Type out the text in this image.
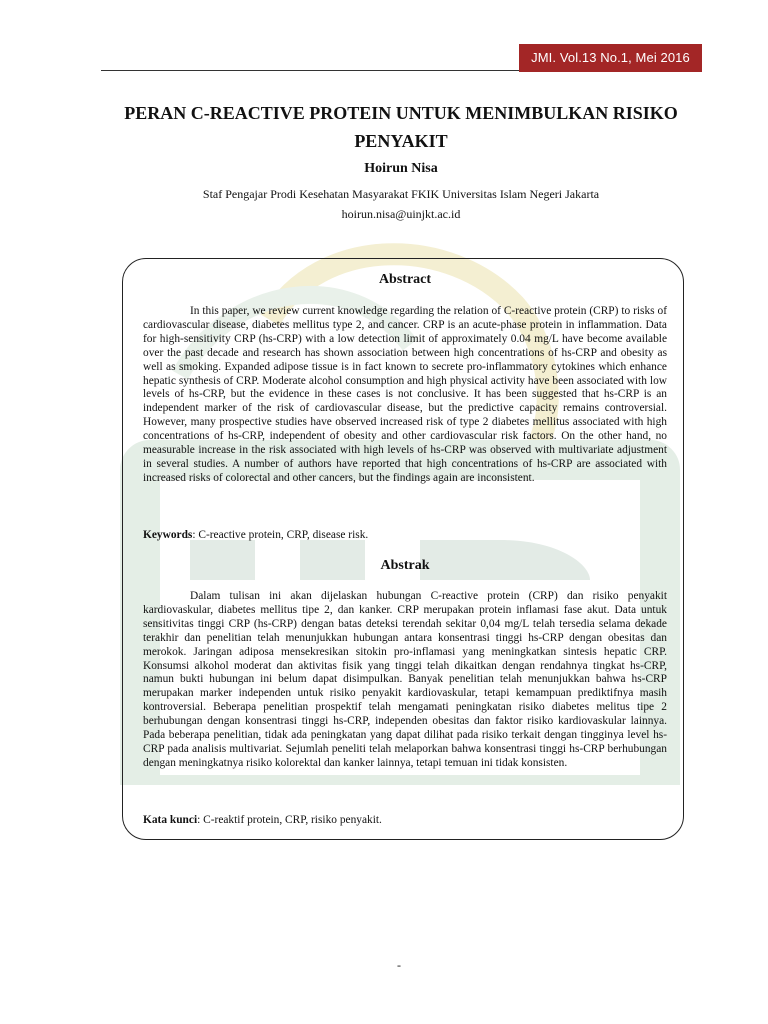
JMI. Vol.13 No.1, Mei 2016
PERAN C-REACTIVE PROTEIN UNTUK MENIMBULKAN RISIKO
PENYAKIT
Hoirun Nisa
Staf Pengajar Prodi Kesehatan Masyarakat FKIK Universitas Islam Negeri Jakarta
hoirun.nisa@uinjkt.ac.id
Abstract

In this paper, we review current knowledge regarding the relation of C-reactive protein (CRP) to risks of cardiovascular disease, diabetes mellitus type 2, and cancer. CRP is an acute-phase protein in inflammation. Data for high-sensitivity CRP (hs-CRP) with a low detection limit of approximately 0.04 mg/L have become available over the past decade and research has shown association between high concentrations of hs-CRP and obesity as well as smoking. Expanded adipose tissue is in fact known to secrete pro-inflammatory cytokines which enhance hepatic synthesis of CRP. Moderate alcohol consumption and high physical activity have been associated with low levels of hs-CRP, but the evidence in these cases is not conclusive. It has been suggested that hs-CRP is an independent marker of the risk of cardiovascular disease, but the predictive capacity remains controversial. However, many prospective studies have observed increased risk of type 2 diabetes mellitus associated with high concentrations of hs-CRP, independent of obesity and other cardiovascular risk factors. On the other hand, no measurable increase in the risk associated with high levels of hs-CRP was observed with multivariate adjustment in several studies. A number of authors have reported that high concentrations of hs-CRP are associated with increased risks of colorectal and other cancers, but the findings again are inconsistent.

Keywords: C-reactive protein, CRP, disease risk.
Abstrak

Dalam tulisan ini akan dijelaskan hubungan C-reactive protein (CRP) dan risiko penyakit kardiovaskular, diabetes mellitus tipe 2, dan kanker. CRP merupakan protein inflamasi fase akut. Data untuk sensitivitas tinggi CRP (hs-CRP) dengan batas deteksi terendah sekitar 0,04 mg/L telah tersedia selama dekade terakhir dan penelitian telah menunjukkan hubungan antara konsentrasi tinggi hs-CRP dengan obesitas dan merokok. Jaringan adiposa mensekresikan sitokin pro-inflamasi yang meningkatkan sintesis hepatic CRP. Konsumsi alkohol moderat dan aktivitas fisik yang tinggi telah dikaitkan dengan rendahnya tingkat hs-CRP, namun bukti hubungan ini belum dapat disimpulkan. Banyak penelitian telah menunjukkan bahwa hs-CRP merupakan marker independen untuk risiko penyakit kardiovaskular, tetapi kemampuan prediktifnya masih kontroversial. Beberapa penelitian prospektif telah mengamati peningkatan risiko diabetes melitus tipe 2 berhubungan dengan konsentrasi tinggi hs-CRP, independen obesitas dan faktor risiko kardiovaskular lainnya. Pada beberapa penelitian, tidak ada peningkatan yang dapat dilihat pada risiko terkait dengan tingginya level hs-CRP pada analisis multivariat. Sejumlah peneliti telah melaporkan bahwa konsentrasi tinggi hs-CRP berhubungan dengan meningkatnya risiko kolorektal dan kanker lainnya, tetapi temuan ini tidak konsisten.

Kata kunci: C-reaktif protein, CRP, risiko penyakit.
-
